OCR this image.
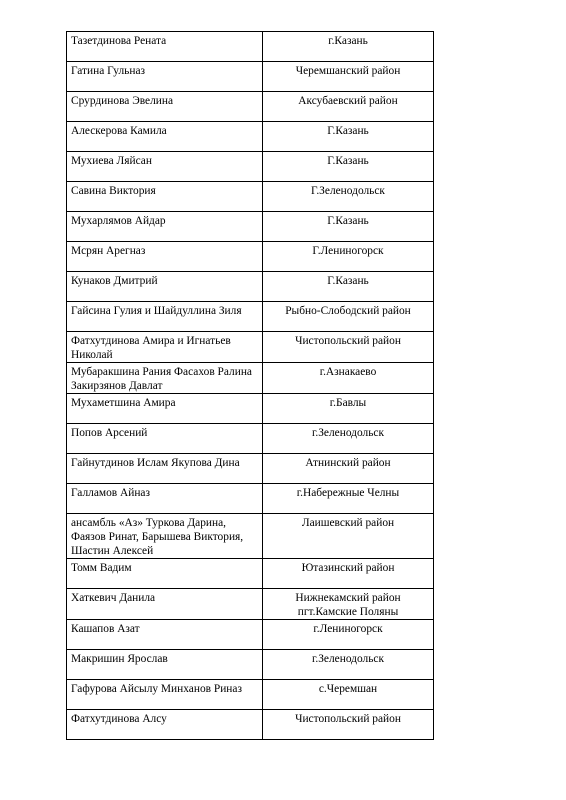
Тазетдинова Рената	г.Казань
Гатина Гульназ	Черемшанский район
Срурдинова Эвелина	Аксубаевский район
Алескерова Камила	Г.Казань
Мухиева Ляйсан	Г.Казань
Савина Виктория	Г.Зеленодольск
Мухарлямов Айдар	Г.Казань
Мсрян Арегназ	Г.Лениногорск
Кунаков Дмитрий	Г.Казань
Гайсина Гулия и Шайдуллина Зиля	Рыбно-Слободский район
Фатхутдинова Амира и Игнатьев Николай	Чистопольский район
Мубаракшина Рания Фасахов Ралина Закирзянов Давлат	г.Азнакаево
Мухаметшина Амира	г.Бавлы
Попов Арсений	г.Зеленодольск
Гайнутдинов Ислам Якупова Дина	Атнинский район
Галламов Айназ	г.Набережные Челны
ансамбль «Аз» Туркова Дарина, Фаязов Ринат, Барышева Виктория, Шастин Алексей	Лаишевский район
Томм Вадим	Ютазинский район
Хаткевич Данила	Нижнекамский район пгт.Камские Поляны
Кашапов Азат	г.Лениногорск
Макришин Ярослав	г.Зеленодольск
Гафурова Айсылу Минханов Риназ	с.Черемшан
Фатхутдинова Алсу	Чистопольский район
